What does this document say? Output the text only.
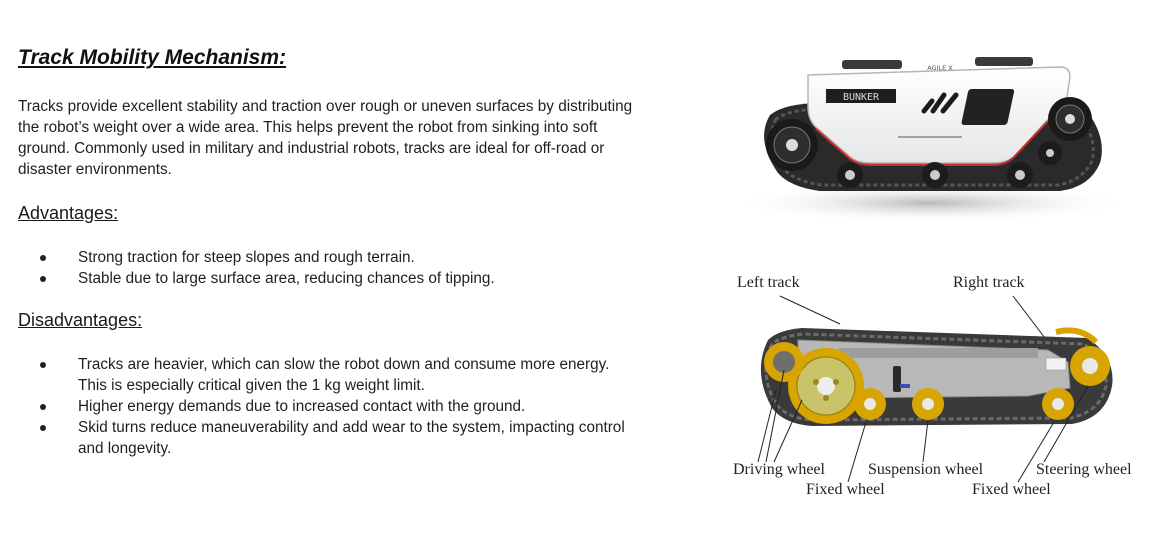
Track Mobility Mechanism:

Tracks provide excellent stability and traction over rough or uneven surfaces by distributing the robot’s weight over a wide area. This helps prevent the robot from sinking into soft ground. Commonly used in military and industrial robots, tracks are ideal for off-road or disaster environments.

Advantages:
Strong traction for steep slopes and rough terrain.
Stable due to large surface area, reducing chances of tipping.
Disadvantages:
Tracks are heavier, which can slow the robot down and consume more energy. This is especially critical given the 1 kg weight limit.
Higher energy demands due to increased contact with the ground.
Skid turns reduce maneuverability and add wear to the system, impacting control and longevity.
BUNKER
AGILE X
Left track	Right track
Driving wheel	Suspension wheel	Steering wheel
Fixed wheel	Fixed wheel
